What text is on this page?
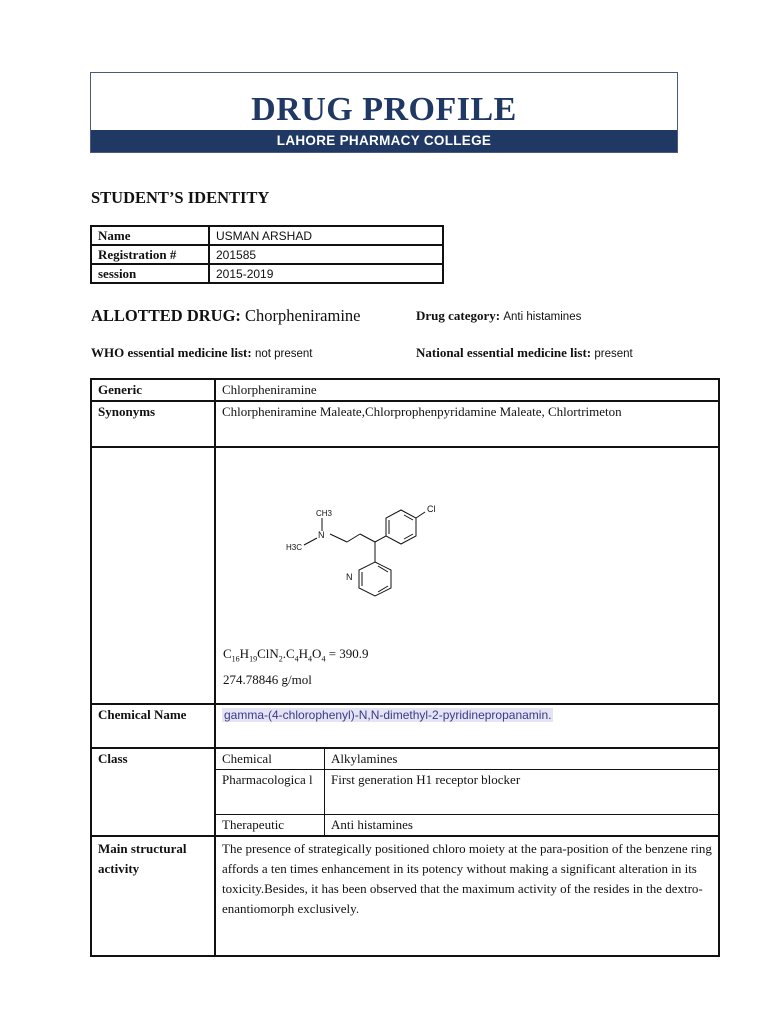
DRUG PROFILE
LAHORE PHARMACY COLLEGE
STUDENT’S IDENTITY
Name	USMAN ARSHAD
Registration #	201585
session	2015-2019
ALLOTTED DRUG: Chorpheniramine	Drug category: Anti histamines
WHO essential medicine list: not present	National essential medicine list: present
Generic	Chlorpheniramine
Synonyms	Chlorpheniramine Maleate,Chlorprophenpyridamine Maleate, Chlortrimeton

Cl
N
CH3
H3C
N
$C_{16}H_{19}ClN_2.C_4H_4O_4 = 390.9$
274.78846 g/mol

Chemical Name	gamma-(4-chlorophenyl)-N,N-dimethyl-2-pyridinepropanamin.
Class		Chemical	Alkylamines
Pharmacologica l	First generation H1 receptor blocker
Therapeutic	Anti histamines

Main structural activity	The presence of strategically positioned chloro moiety at the para-position of the benzene ring affords a ten times enhancement in its potency without making a significant alteration in its toxicity.Besides, it has been observed that the maximum activity of the resides in the dextro-enantiomorph exclusively.
